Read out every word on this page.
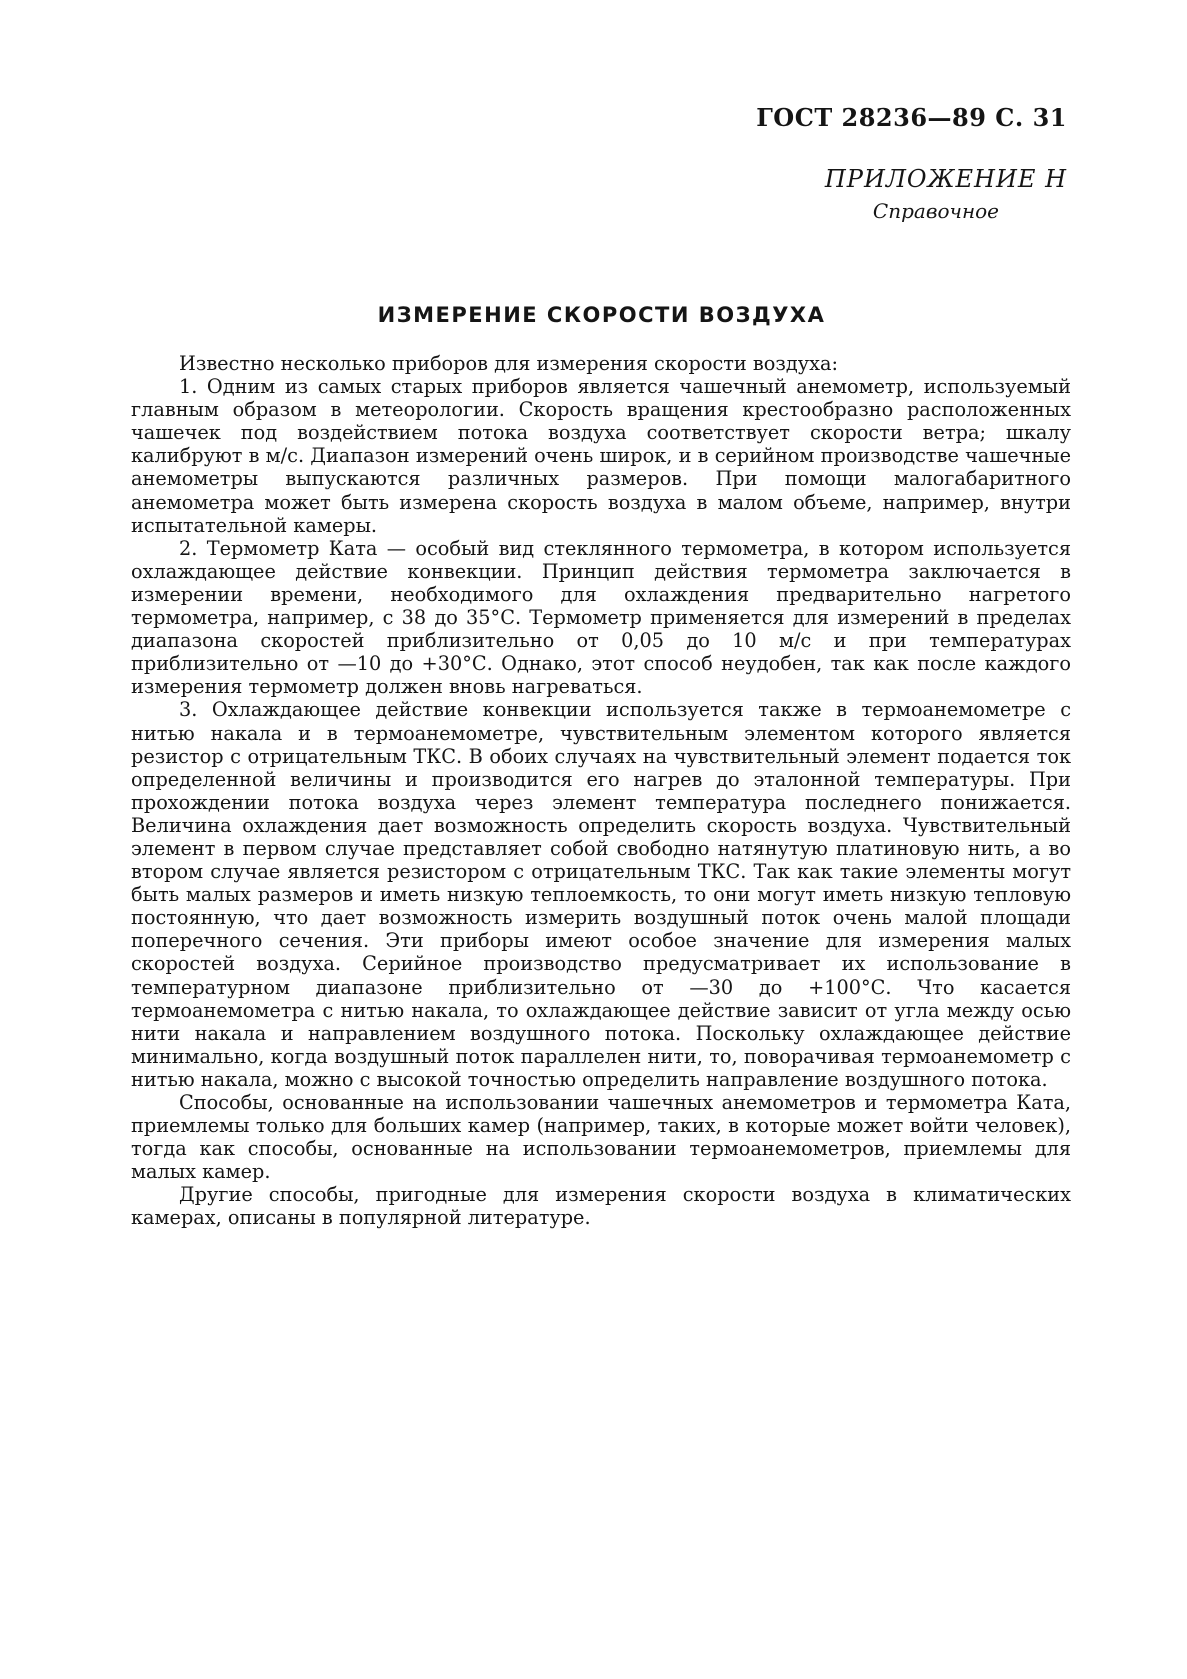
ГОСТ 28236—89 С. 31
ПРИЛОЖЕНИЕ Н
Справочное
ИЗМЕРЕНИЕ СКОРОСТИ ВОЗДУХА

Известно несколько приборов для измерения скорости воздуха:

1. Одним из самых старых приборов является чашечный анемометр, используемый главным образом в метеорологии. Скорость вращения крестообразно расположенных чашечек под воздействием потока воздуха соответствует скорости ветра; шкалу калибруют в м/с. Диапазон измерений очень широк, и в серийном производстве чашечные анемометры выпускаются различных размеров. При помощи малогабаритного анемометра может быть измерена скорость воздуха в малом объеме, например, внутри испытательной камеры.

2. Термометр Ката — особый вид стеклянного термометра, в котором используется охлаждающее действие конвекции. Принцип действия термометра заключается в измерении времени, необходимого для охлаждения предварительно нагретого термометра, например, с 38 до 35°С. Термометр применяется для измерений в пределах диапазона скоростей приблизительно от 0,05 до 10 м/с и при температурах приблизительно от —10 до +30°С. Однако, этот способ неудобен, так как после каждого измерения термометр должен вновь нагреваться.

3. Охлаждающее действие конвекции используется также в термоанемометре с нитью накала и в термоанемометре, чувствительным элементом которого является резистор с отрицательным ТКС. В обоих случаях на чувствительный элемент подается ток определенной величины и производится его нагрев до эталонной температуры. При прохождении потока воздуха через элемент температура последнего понижается. Величина охлаждения дает возможность определить скорость воздуха. Чувствительный элемент в первом случае представляет собой свободно натянутую платиновую нить, а во втором случае является резистором с отрицательным ТКС. Так как такие элементы могут быть малых размеров и иметь низкую теплоемкость, то они могут иметь низкую тепловую постоянную, что дает возможность измерить воздушный поток очень малой площади поперечного сечения. Эти приборы имеют особое значение для измерения малых скоростей воздуха. Серийное производство предусматривает их использование в температурном диапазоне приблизительно от —30 до +100°С. Что касается термоанемометра с нитью накала, то охлаждающее действие зависит от угла между осью нити накала и направлением воздушного потока. Поскольку охлаждающее действие минимально, когда воздушный поток параллелен нити, то, поворачивая термоанемометр с нитью накала, можно с высокой точностью определить направление воздушного потока.

Способы, основанные на использовании чашечных анемометров и термометра Ката, приемлемы только для больших камер (например, таких, в которые может войти человек), тогда как способы, основанные на использовании термоанемометров, приемлемы для малых камер.

Другие способы, пригодные для измерения скорости воздуха в климатических камерах, описаны в популярной литературе.
